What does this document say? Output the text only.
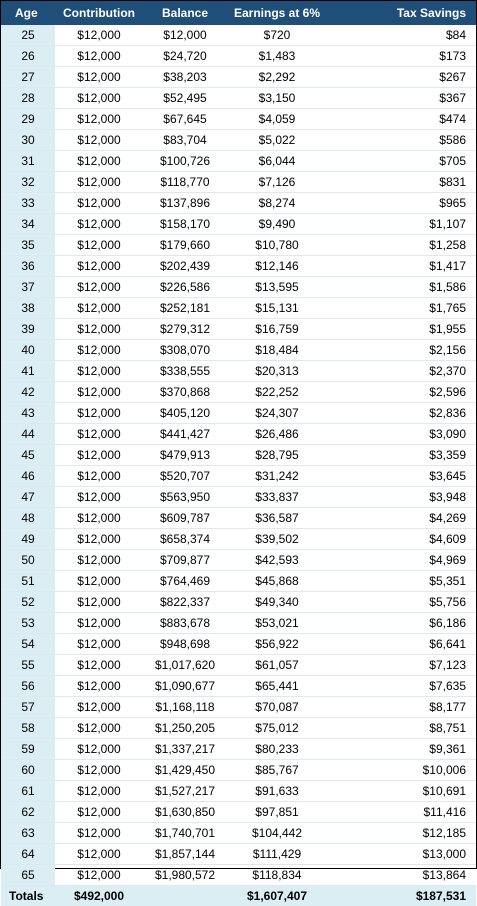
Age	Contribution	Balance	Earnings at 6%	Tax Savings
25	$12,000	$12,000	$720	$84
26	$12,000	$24,720	$1,483	$173
27	$12,000	$38,203	$2,292	$267
28	$12,000	$52,495	$3,150	$367
29	$12,000	$67,645	$4,059	$474
30	$12,000	$83,704	$5,022	$586
31	$12,000	$100,726	$6,044	$705
32	$12,000	$118,770	$7,126	$831
33	$12,000	$137,896	$8,274	$965
34	$12,000	$158,170	$9,490	$1,107
35	$12,000	$179,660	$10,780	$1,258
36	$12,000	$202,439	$12,146	$1,417
37	$12,000	$226,586	$13,595	$1,586
38	$12,000	$252,181	$15,131	$1,765
39	$12,000	$279,312	$16,759	$1,955
40	$12,000	$308,070	$18,484	$2,156
41	$12,000	$338,555	$20,313	$2,370
42	$12,000	$370,868	$22,252	$2,596
43	$12,000	$405,120	$24,307	$2,836
44	$12,000	$441,427	$26,486	$3,090
45	$12,000	$479,913	$28,795	$3,359
46	$12,000	$520,707	$31,242	$3,645
47	$12,000	$563,950	$33,837	$3,948
48	$12,000	$609,787	$36,587	$4,269
49	$12,000	$658,374	$39,502	$4,609
50	$12,000	$709,877	$42,593	$4,969
51	$12,000	$764,469	$45,868	$5,351
52	$12,000	$822,337	$49,340	$5,756
53	$12,000	$883,678	$53,021	$6,186
54	$12,000	$948,698	$56,922	$6,641
55	$12,000	$1,017,620	$61,057	$7,123
56	$12,000	$1,090,677	$65,441	$7,635
57	$12,000	$1,168,118	$70,087	$8,177
58	$12,000	$1,250,205	$75,012	$8,751
59	$12,000	$1,337,217	$80,233	$9,361
60	$12,000	$1,429,450	$85,767	$10,006
61	$12,000	$1,527,217	$91,633	$10,691
62	$12,000	$1,630,850	$97,851	$11,416
63	$12,000	$1,740,701	$104,442	$12,185
64	$12,000	$1,857,144	$111,429	$13,000
65	$12,000	$1,980,572	$118,834	$13,864
Totals	$492,000		$1,607,407	$187,531
